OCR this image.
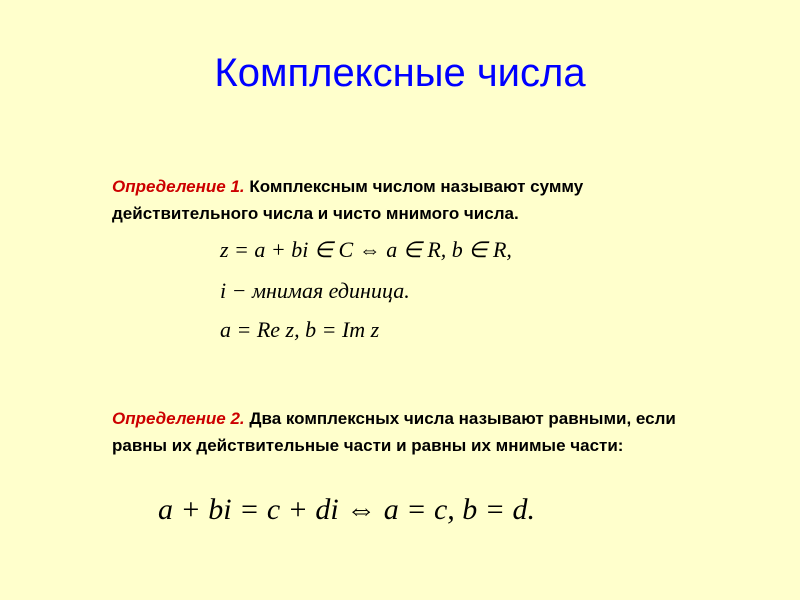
Комплексные числа
Определение 1. Комплексным числом называют сумму действительного числа и чисто мнимого числа.
z = a + bi ∈ C ⇔ a ∈ R, b ∈ R,
i − мнимая единица.
a = Re z, b = Im z
Определение 2. Два комплексных числа называют равными, если равны их действительные части и равны их мнимые части:
a + bi = c + di ⇔ a = c, b = d.
